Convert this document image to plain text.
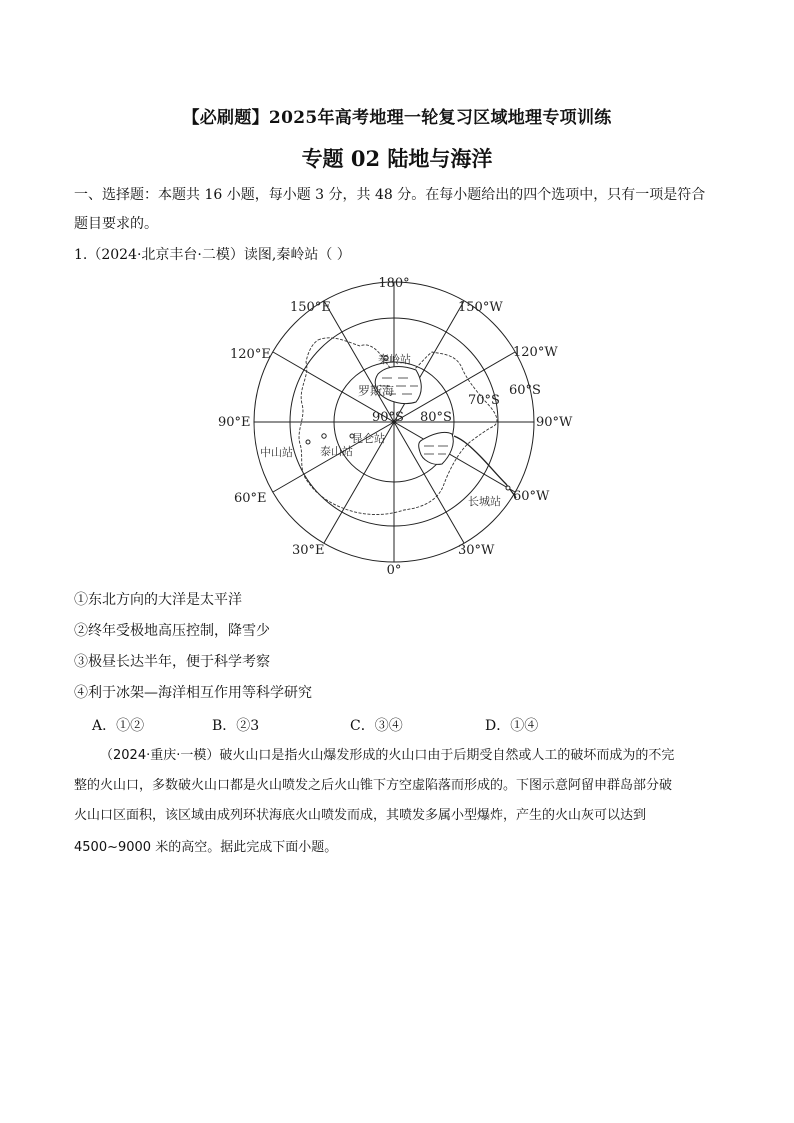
【必刷题】2025年高考地理一轮复习区域地理专项训练
专题 02 陆地与海洋
一、选择题：本题共 16 小题，每小题 3 分，共 48 分。在每小题给出的四个选项中，只有一项是符合
题目要求的。
1.（2024·北京丰台·二模）读图,秦岭站（ ）
180°
150°E	150°W
120°E	120°W
90°E	90°W
60°E	60°W
30°E	30°W
0°
90°S 80°S
70°S
60°S
秦岭站
罗斯海
中山站 泰山站
昆仑站
长城站
①东北方向的大洋是太平洋
②终年受极地高压控制，降雪少
③极昼长达半年，便于科学考察
④利于冰架—海洋相互作用等科学研究
A．①②	B．②3	C．③④	D．①④
（2024·重庆·一模）破火山口是指火山爆发形成的火山口由于后期受自然或人工的破坏而成为的不完
整的火山口，多数破火山口都是火山喷发之后火山锥下方空虚陷落而形成的。下图示意阿留申群岛部分破
火山口区面积，该区域由成列环状海底火山喷发而成，其喷发多属小型爆炸，产生的火山灰可以达到
4500~9000 米的高空。据此完成下面小题。
